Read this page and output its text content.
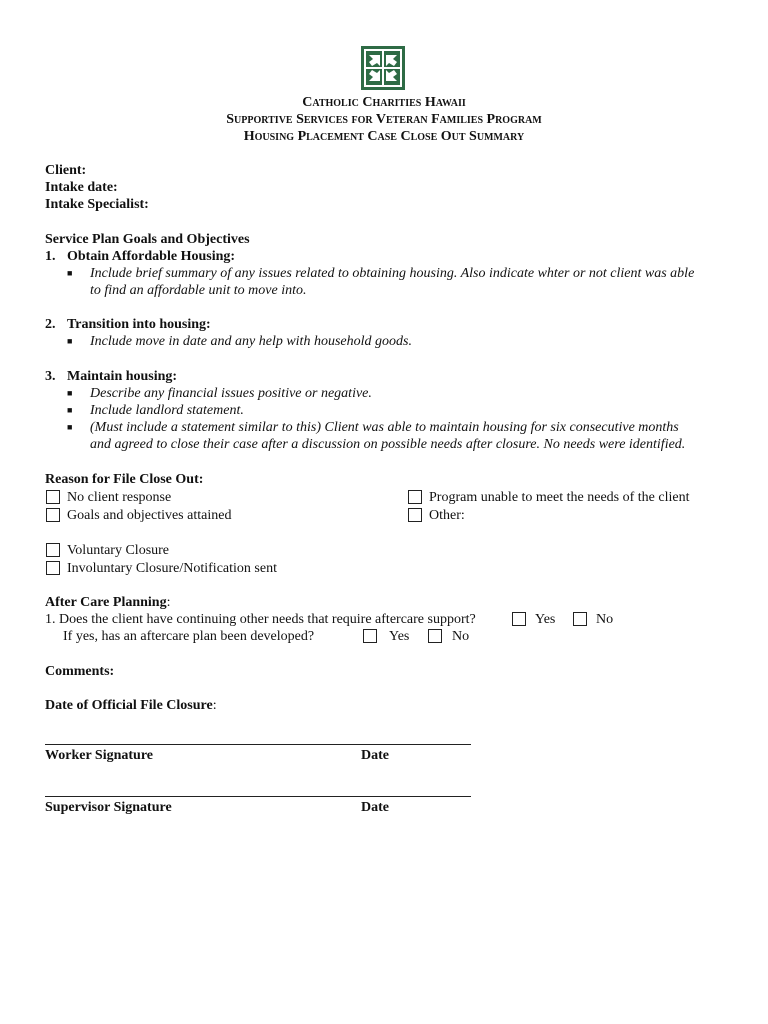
Catholic Charities Hawaii
Supportive Services for Veteran Families Program
Housing Placement Case Close Out Summary
Client:
Intake date:
Intake Specialist:
Service Plan Goals and Objectives
1. Obtain Affordable Housing:
■ Include brief summary of any issues related to obtaining housing. Also indicate whter or not client was able
to find an affordable unit to move into.
2. Transition into housing:
■ Include move in date and any help with household goods.
3. Maintain housing:
■ Describe any financial issues positive or negative.
■ Include landlord statement.
■ (Must include a statement similar to this) Client was able to maintain housing for six consecutive months
and agreed to close their case after a discussion on possible needs after closure. No needs were identified.
Reason for File Close Out:
No client response
Goals and objectives attained
Program unable to meet the needs of the client
Other:
Voluntary Closure
Involuntary Closure/Notification sent
After Care Planning:
1. Does the client have continuing other needs that require aftercare support?	Yes	No
If yes, has an aftercare plan been developed?	Yes	No
Comments:
Date of Official File Closure:
Worker Signature	Date
Supervisor Signature	Date
